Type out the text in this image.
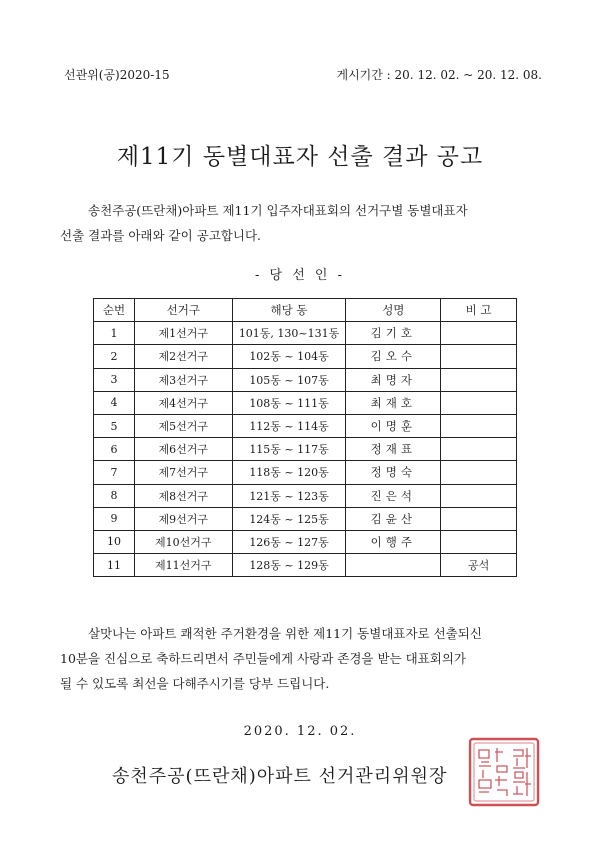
선관위(공)2020-15	게시기간 : 20. 12. 02. ~ 20. 12. 08.
제11기 동별대표자 선출 결과 공고
송천주공(뜨란채)아파트 제11기 입주자대표회의 선거구별 동별대표자
선출 결과를 아래와 같이 공고합니다.
- 당 선 인 -
순번	선거구	해당 동	성명	비 고
1	제1선거구	101동, 130~131동	김기호	
2	제2선거구	102동 ~ 104동	김오수	
3	제3선거구	105동 ~ 107동	최명자	
4	제4선거구	108동 ~ 111동	최재호	
5	제5선거구	112동 ~ 114동	이명훈	
6	제6선거구	115동 ~ 117동	정재표	
7	제7선거구	118동 ~ 120동	정명숙	
8	제8선거구	121동 ~ 123동	진은석	
9	제9선거구	124동 ~ 125동	김윤산	
10	제10선거구	126동 ~ 127동	이행주	
11	제11선거구	128동 ~ 129동		공석
살맛나는 아파트 쾌적한 주거환경을 위한 제11기 동별대표자로 선출되신
10분을 진심으로 축하드리면서 주민들에게 사랑과 존경을 받는 대표회의가
될 수 있도록 최선을 다해주시기를 당부 드립니다.
2020. 12. 02.
송천주공(뜨란채)아파트 선거관리위원장
